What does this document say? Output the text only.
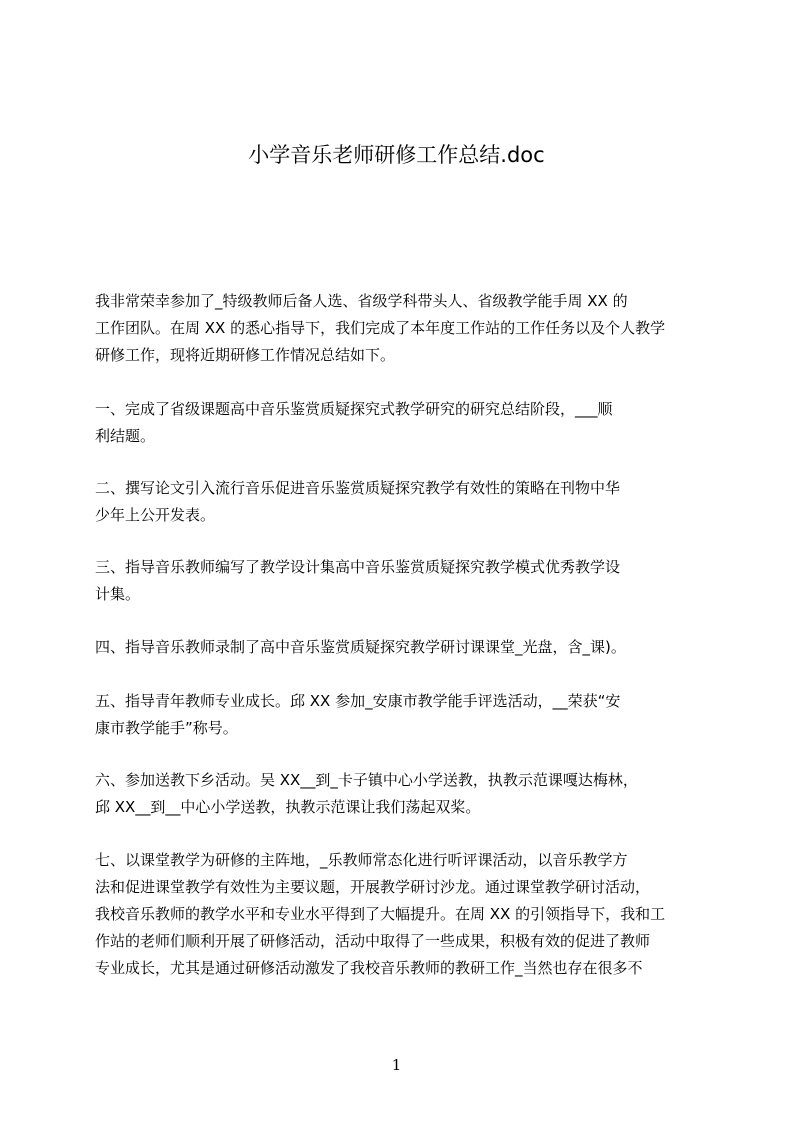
小学音乐老师研修工作总结.doc
我非常荣幸参加了_特级教师后备人选、省级学科带头人、省级教学能手周 XX 的
工作团队。在周 XX 的悉心指导下，我们完成了本年度工作站的工作任务以及个人教学
研修工作，现将近期研修工作情况总结如下。
一、完成了省级课题高中音乐鉴赏质疑探究式教学研究的研究总结阶段，___顺
利结题。
二、撰写论文引入流行音乐促进音乐鉴赏质疑探究教学有效性的策略在刊物中华
少年上公开发表。
三、指导音乐教师编写了教学设计集高中音乐鉴赏质疑探究教学模式优秀教学设
计集。
四、指导音乐教师录制了高中音乐鉴赏质疑探究教学研讨课课堂_光盘，含_课)。
五、指导青年教师专业成长。邱 XX 参加_安康市教学能手评选活动，__荣获“安
康市教学能手”称号。
六、参加送教下乡活动。吴 XX__到_卡子镇中心小学送教，执教示范课嘎达梅林，
邱 XX__到__中心小学送教，执教示范课让我们荡起双桨。
七、以课堂教学为研修的主阵地，_乐教师常态化进行听评课活动，以音乐教学方
法和促进课堂教学有效性为主要议题，开展教学研讨沙龙。通过课堂教学研讨活动，
我校音乐教师的教学水平和专业水平得到了大幅提升。在周 XX 的引领指导下，我和工
作站的老师们顺利开展了研修活动，活动中取得了一些成果，积极有效的促进了教师
专业成长，尤其是通过研修活动激发了我校音乐教师的教研工作_当然也存在很多不
1
